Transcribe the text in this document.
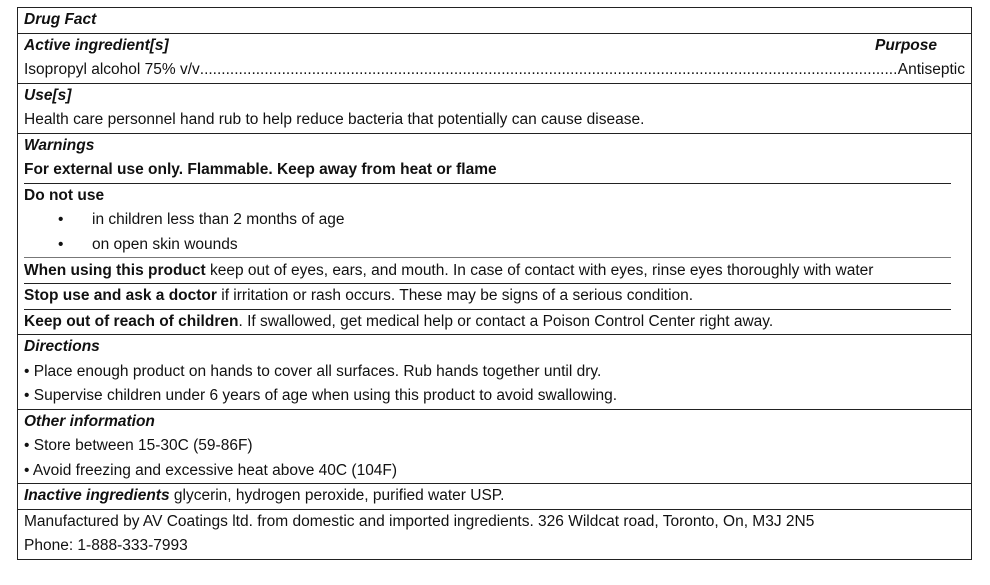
Drug Fact
Active ingredient[s]	Purpose
Isopropyl alcohol 75% v/v
.....	Antiseptic
Use[s]
Health care personnel hand rub to help reduce bacteria that potentially can cause disease.
Warnings
For external use only. Flammable. Keep away from heat or flame
Do not use
•	in children less than 2 months of age
•	on open skin wounds
When using this product keep out of eyes, ears, and mouth. In case of contact with eyes, rinse eyes thoroughly with water
Stop use and ask a doctor if irritation or rash occurs. These may be signs of a serious condition.
Keep out of reach of children. If swallowed, get medical help or contact a Poison Control Center right away.
Directions
• Place enough product on hands to cover all surfaces. Rub hands together until dry.
• Supervise children under 6 years of age when using this product to avoid swallowing.
Other information
• Store between 15-30C (59-86F)
• Avoid freezing and excessive heat above 40C (104F)
Inactive ingredients glycerin, hydrogen peroxide, purified water USP.
Manufactured by AV Coatings ltd. from domestic and imported ingredients. 326 Wildcat road, Toronto, On, M3J 2N5
Phone: 1-888-333-7993
